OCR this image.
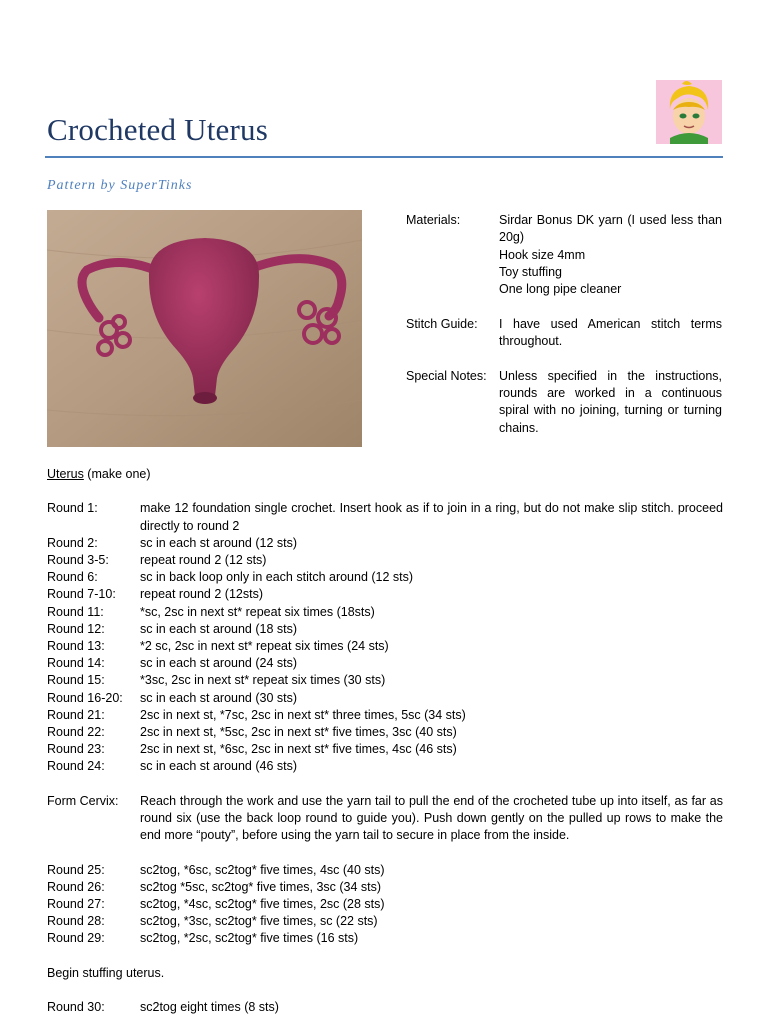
Crocheted Uterus
Pattern by SuperTinks
Materials:	Sirdar Bonus DK yarn (I used less than 20g)
Hook size 4mm
Toy stuffing
One long pipe cleaner
Stitch Guide:	I have used American stitch terms throughout.
Special Notes: Unless specified in the instructions, rounds are worked in a continuous spiral with no joining, turning or turning chains.
Uterus (make one)
Round 1:	make 12 foundation single crochet. Insert hook as if to join in a ring, but do not make slip stitch. proceed directly to round 2
Round 2:	sc in each st around (12 sts)
Round 3-5:	repeat round 2 (12 sts)
Round 6:	sc in back loop only in each stitch around (12 sts)
Round 7-10:	repeat round 2 (12sts)
Round 11:	*sc, 2sc in next st* repeat six times (18sts)
Round 12:	sc in each st around (18 sts)
Round 13:	*2 sc, 2sc in next st* repeat six times (24 sts)
Round 14:	sc in each st around (24 sts)
Round 15:	*3sc, 2sc in next st* repeat six times (30 sts)
Round 16-20:	sc in each st around (30 sts)
Round 21:	2sc in next st, *7sc, 2sc in next st* three times, 5sc (34 sts)
Round 22:	2sc in next st, *5sc, 2sc in next st* five times, 3sc (40 sts)
Round 23:	2sc in next st, *6sc, 2sc in next st* five times, 4sc (46 sts)
Round 24:	sc in each st around (46 sts)
Form Cervix:	Reach through the work and use the yarn tail to pull the end of the crocheted tube up into itself, as far as round six (use the back loop round to guide you). Push down gently on the pulled up rows to make the end more “pouty”, before using the yarn tail to secure in place from the inside.
Round 25:	sc2tog, *6sc, sc2tog* five times, 4sc (40 sts)
Round 26:	sc2tog *5sc, sc2tog* five times, 3sc (34 sts)
Round 27:	sc2tog, *4sc, sc2tog* five times, 2sc (28 sts)
Round 28:	sc2tog, *3sc, sc2tog* five times, sc (22 sts)
Round 29:	sc2tog, *2sc, sc2tog* five times (16 sts)
Begin stuffing uterus.
Round 30:	sc2tog eight times (8 sts)
